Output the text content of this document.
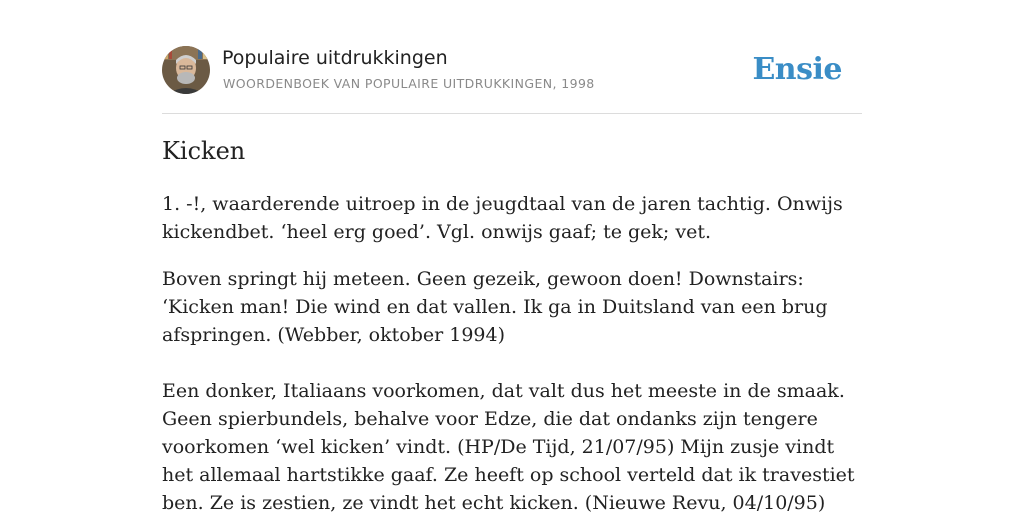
Populaire uitdrukkingen
WOORDENBOEK VAN POPULAIRE UITDRUKKINGEN, 1998	Ensie
Kicken

1. -!, waarderende uitroep in de jeugdtaal van de jaren tachtig. Onwijs kickendbet. ‘heel erg goed’. Vgl. onwijs gaaf; te gek; vet.

Boven springt hij meteen. Geen gezeik, gewoon doen! Downstairs: ‘Kicken man! Die wind en dat vallen. Ik ga in Duitsland van een brug afspringen. (Webber, oktober 1994)

Een donker, Italiaans voorkomen, dat valt dus het meeste in de smaak. Geen spierbundels, behalve voor Edze, die dat ondanks zijn tengere voorkomen ‘wel kicken’ vindt. (HP/De Tijd, 21/07/95) Mijn zusje vindt het allemaal hartstikke gaaf. Ze heeft op school verteld dat ik travestiet ben. Ze is zestien, ze vindt het echt kicken. (Nieuwe Revu, 04/10/95)
